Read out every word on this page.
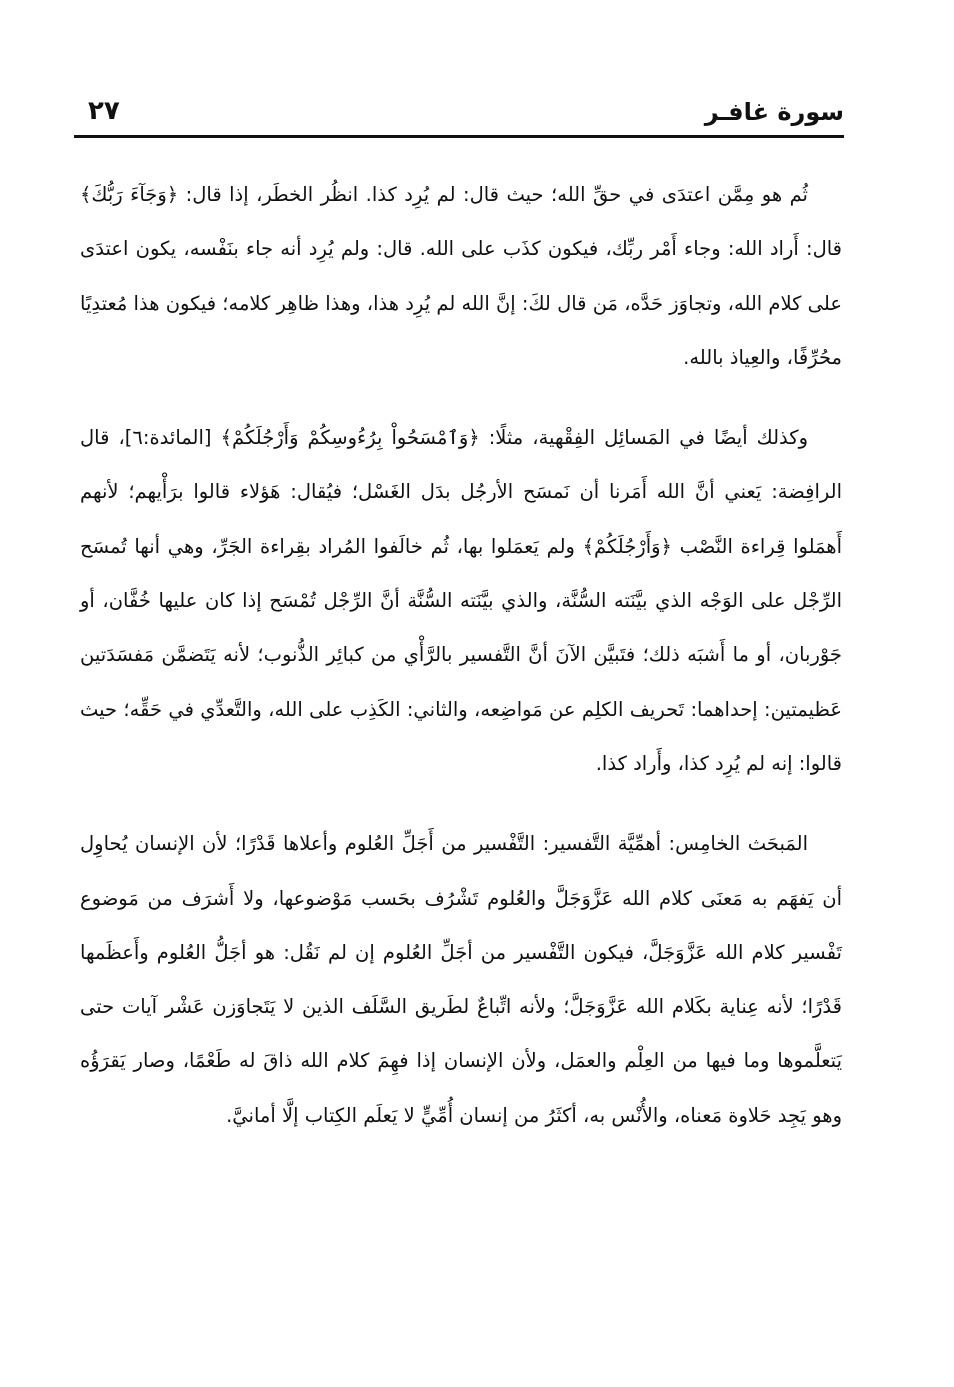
سورة غافـر
٢٧

ثُم هو مِمَّن اعتدَى في حقِّ الله؛ حيث قال: لم يُرِد كذا. انظُر الخطَر، إذا قال: ﴿وَجَآءَ رَبُّكَ﴾ قال: أَراد الله: وجاء أَمْر ربِّك، فيكون كذَب على الله. قال: ولم يُرِد أنه جاء بنَفْسه، يكون اعتدَى على كلام الله، وتجاوَز حَدَّه، مَن قال لكَ: إنَّ الله لم يُرِد هذا، وهذا ظاهِر كلامه؛ فيكون هذا مُعتدِيًا محُرِّفًا، والعِياذ بالله.

وكذلك أيضًا في المَسائِل الفِقْهية، مثلًا: ﴿وَٱمْسَحُواْ بِرُءُوسِكُمْ وَأَرْجُلَكُمْ﴾ [المائدة:٦]، قال الرافِضة: يَعني أنَّ الله أَمَرنا أن نَمسَح الأرجُل بدَل الغَسْل؛ فيُقال: هَؤلاء قالوا برَأْيهم؛ لأنهم أَهمَلوا قِراءة النَّصْب ﴿وَأَرْجُلَكُمْ﴾ ولم يَعمَلوا بها، ثُم خالَفوا المُراد بقِراءة الجَرِّ، وهي أنها تُمسَح الرِّجْل على الوَجْه الذي بيَّنَته السُّنَّة، والذي بيَّنَته السُّنَّة أنَّ الرِّجْل تُمْسَح إذا كان عليها خُفَّان، أو جَوْربان، أو ما أَشبَه ذلك؛ فتَبيَّن الآنَ أنَّ التَّفسير بالرَّأْي من كبائِر الذُّنوب؛ لأنه يَتَضمَّن مَفسَدَتين عَظيمتين: إحداهما: تَحريف الكلِم عن مَواضِعه، والثاني: الكَذِب على الله، والتَّعدِّي في حَقِّه؛ حيث قالوا: إنه لم يُرِد كذا، وأَراد كذا.

المَبحَث الخامِس: أهمِّيَّة التَّفسير: التَّفْسير من أَجَلِّ العُلوم وأعلاها قَدْرًا؛ لأن الإنسان يُحاوِل أن يَفهَم به مَعنَى كلام الله عَزَّوَجَلَّ والعُلوم تَشْرُف بحَسب مَوْضوعها، ولا أَشرَف من مَوضوع تَفْسير كلام الله عَزَّوَجَلَّ، فيكون التَّفْسير من أجَلِّ العُلوم إن لم نَقُل: هو أجَلُّ العُلوم وأَعظَمها قَدْرًا؛ لأنه عِناية بكَلام الله عَزَّوَجَلَّ؛ ولأنه اتِّباعٌ لطَريق السَّلَف الذين لا يَتَجاوَزن عَشْر آيات حتى يَتعلَّموها وما فيها من العِلْم والعمَل، ولأن الإنسان إذا فهِمَ كلام الله ذاقَ له طَعْمًا، وصار يَقرَؤُه وهو يَجِد حَلاوة مَعناه، والأُنْس به، أكثَرُ من إنسان أُمِّيٍّ لا يَعلَم الكِتاب إلَّا أمانيَّ.
